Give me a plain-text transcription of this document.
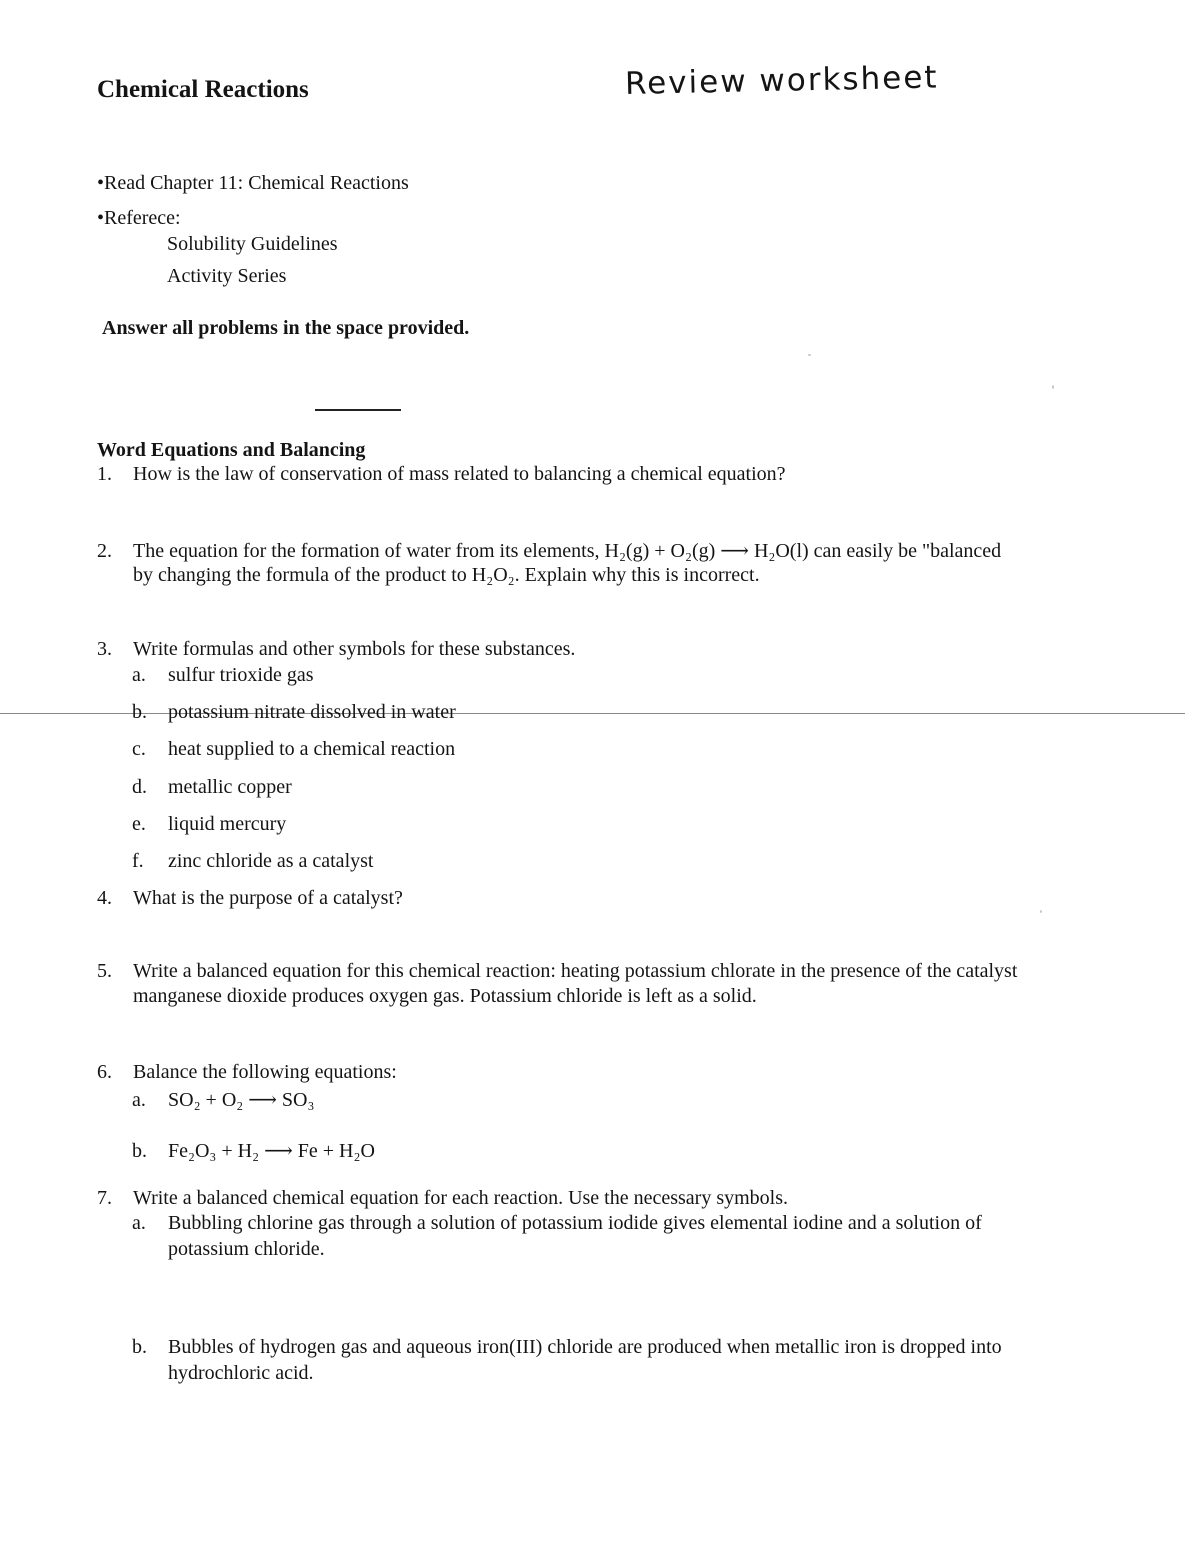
Chemical Reactions	Review worksheet
•Read Chapter 11: Chemical Reactions
•Referece:
Solubility Guidelines
Activity Series
Answer all problems in the space provided.
Word Equations and Balancing
1. How is the law of conservation of mass related to balancing a chemical equation?
2. The equation for the formation of water from its elements, H₂(g) + O₂(g) ⟶ H₂O(l) can easily be "balanced
by changing the formula of the product to H₂O₂. Explain why this is incorrect.
3. Write formulas and other symbols for these substances.
a. sulfur trioxide gas
b. potassium nitrate dissolved in water
c. heat supplied to a chemical reaction
d. metallic copper
e. liquid mercury
f. zinc chloride as a catalyst
4. What is the purpose of a catalyst?
5. Write a balanced equation for this chemical reaction: heating potassium chlorate in the presence of the catalyst
manganese dioxide produces oxygen gas. Potassium chloride is left as a solid.
6. Balance the following equations:
a. SO₂ + O₂ ⟶ SO₃
b. Fe₂O₃ + H₂ ⟶ Fe + H₂O
7. Write a balanced chemical equation for each reaction. Use the necessary symbols.
a. Bubbling chlorine gas through a solution of potassium iodide gives elemental iodine and a solution of
potassium chloride.
b. Bubbles of hydrogen gas and aqueous iron(III) chloride are produced when metallic iron is dropped into
hydrochloric acid.
